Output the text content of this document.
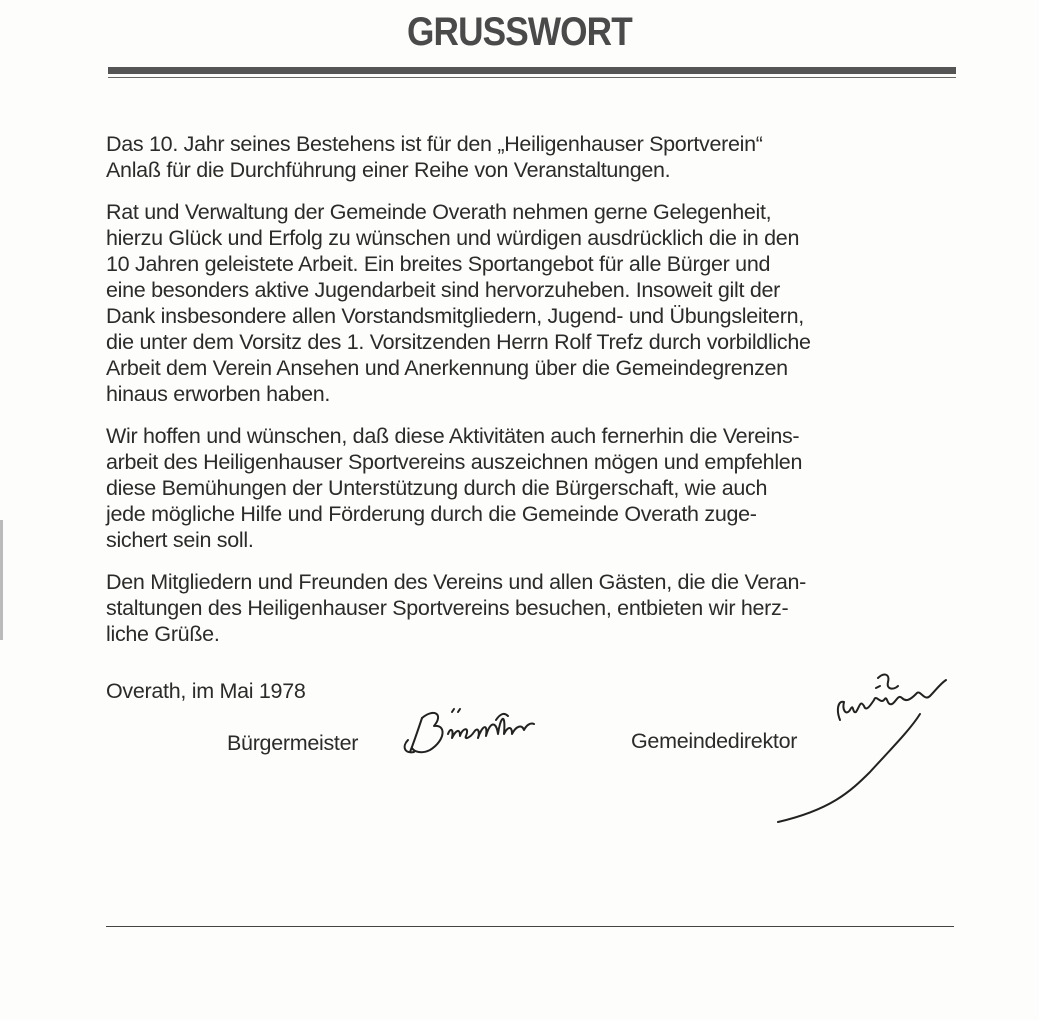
GRUSSWORT

Das 10. Jahr seines Bestehens ist für den „Heiligenhauser Sportverein“
Anlaß für die Durchführung einer Reihe von Veranstaltungen.

Rat und Verwaltung der Gemeinde Overath nehmen gerne Gelegenheit,
hierzu Glück und Erfolg zu wünschen und würdigen ausdrücklich die in den
10 Jahren geleistete Arbeit. Ein breites Sportangebot für alle Bürger und
eine besonders aktive Jugendarbeit sind hervorzuheben. Insoweit gilt der
Dank insbesondere allen Vorstandsmitgliedern, Jugend- und Übungsleitern,
die unter dem Vorsitz des 1. Vorsitzenden Herrn Rolf Trefz durch vorbildliche
Arbeit dem Verein Ansehen und Anerkennung über die Gemeindegrenzen
hinaus erworben haben.

Wir hoffen und wünschen, daß diese Aktivitäten auch fernerhin die Vereins-
arbeit des Heiligenhauser Sportvereins auszeichnen mögen und empfehlen
diese Bemühungen der Unterstützung durch die Bürgerschaft, wie auch
jede mögliche Hilfe und Förderung durch die Gemeinde Overath zuge-
sichert sein soll.

Den Mitgliedern und Freunden des Vereins und allen Gästen, die die Veran-
staltungen des Heiligenhauser Sportvereins besuchen, entbieten wir herz-
liche Grüße.

Overath, im Mai 1978
Bürgermeister	Gemeindedirektor
